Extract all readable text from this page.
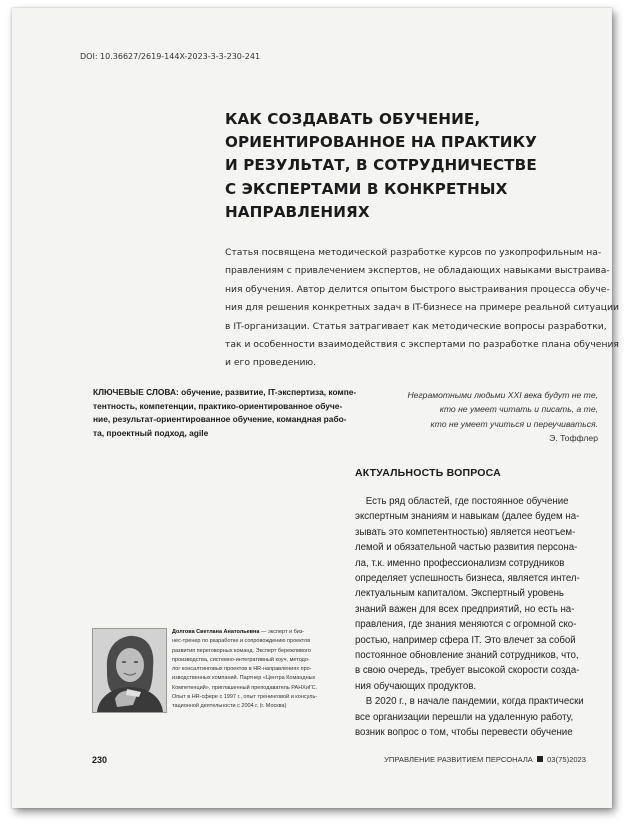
DOI: 10.36627/2619-144X-2023-3-3-230-241
КАК СОЗДАВАТЬ ОБУЧЕНИЕ,
ОРИЕНТИРОВАННОЕ НА ПРАКТИКУ
И РЕЗУЛЬТАТ, В СОТРУДНИЧЕСТВЕ
С ЭКСПЕРТАМИ В КОНКРЕТНЫХ
НАПРАВЛЕНИЯХ
Статья посвящена методической разработке курсов по узкопрофильным на-
правлениям с привлечением экспертов, не обладающих навыками выстраива-
ния обучения. Автор делится опытом быстрого выстраивания процесса обуче-
ния для решения конкретных задач в IT-бизнесе на примере реальной ситуации
в IT-организации. Статья затрагивает как методические вопросы разработки,
так и особенности взаимодействия с экспертами по разработке плана обучения
и его проведению.
КЛЮЧЕВЫЕ СЛОВА: обучение, развитие, IT-экспертиза, компе-
тентность, компетенции, практико-ориентированное обуче-
ние, результат-ориентированное обучение, командная рабо-
та, проектный подход, agile
Неграмотными людьми XXI века будут не те,
кто не умеет читать и писать, а те,
кто не умеет учиться и переучиваться.
Э. Тоффлер
АКТУАЛЬНОСТЬ ВОПРОСА
Есть ряд областей, где постоянное обучение
экспертным знаниям и навыкам (далее будем на-
зывать это компетентностью) является неотъем-
лемой и обязательной частью развития персона-
ла, т.к. именно профессионализм сотрудников
определяет успешность бизнеса, является интел-
лектуальным капиталом. Экспертный уровень
знаний важен для всех предприятий, но есть на-
правления, где знания меняются с огромной ско-
ростью, например сфера IT. Это влечет за собой
постоянное обновление знаний сотрудников, что,
в свою очередь, требует высокой скорости созда-
ния обучающих продуктов.
В 2020 г., в начале пандемии, когда практически
все организации перешли на удаленную работу,
возник вопрос о том, чтобы перевести обучение
Долгова Светлана Анатольевна — эксперт и биз-
нес-тренер по разработке и сопровождению проектов
развития переговорных команд. Эксперт бережливого
производства, системно-интегративный коуч, методо-
лог консалтинговых проектов в HR-направлениях про-
изводственных компаний. Партнер «Центра Командных
Компетенций», приглашенный преподаватель РАНХиГС.
Опыт в HR-сфере с 1997 г., опыт тренинговой и консуль-
тационной деятельности с 2004 г. (г. Москва)
230	УПРАВЛЕНИЕ РАЗВИТИЕМ ПЕРСОНАЛА 03(75)2023
